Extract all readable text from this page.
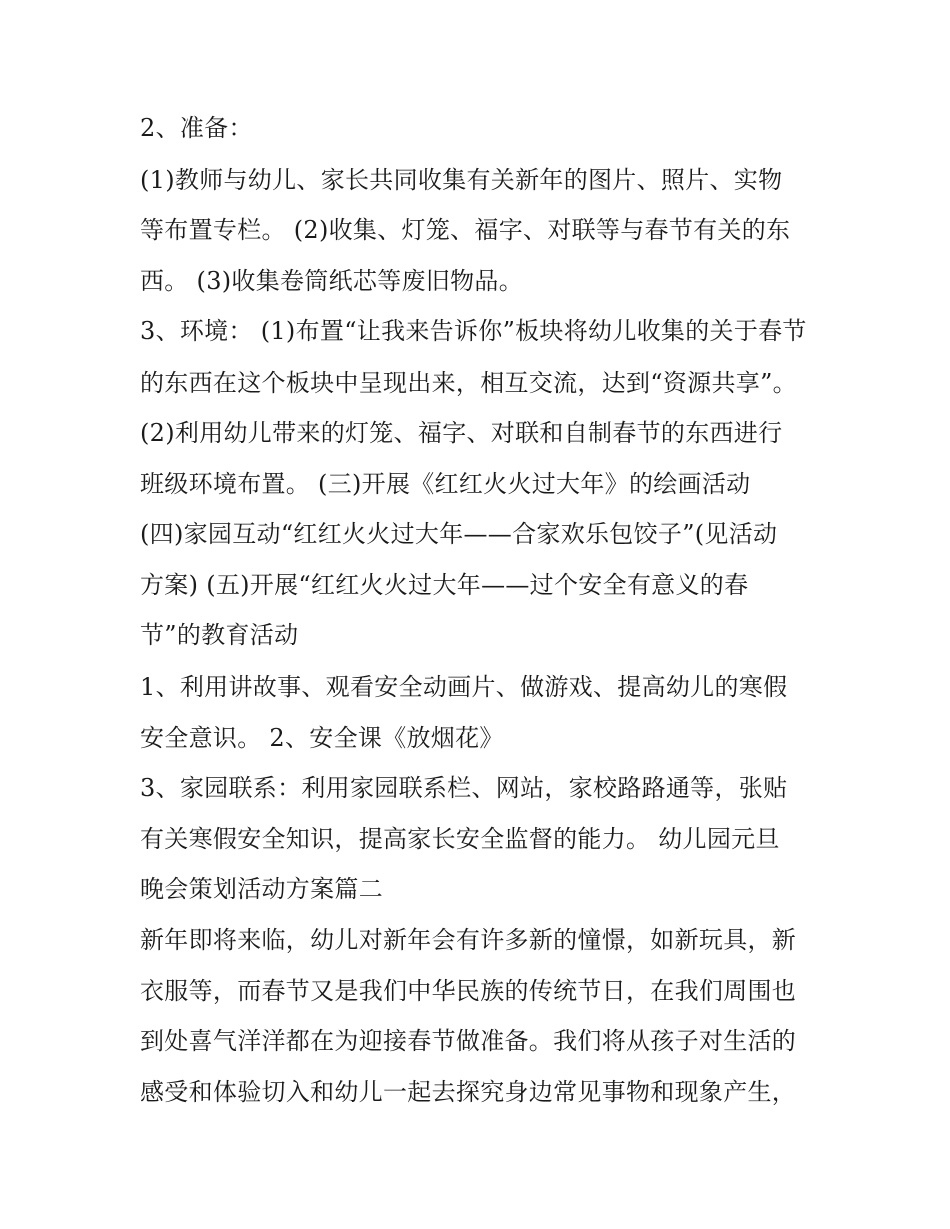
2、准备：
(1)教师与幼儿、家长共同收集有关新年的图片、照片、实物
等布置专栏。 (2)收集、灯笼、福字、对联等与春节有关的东
西。 (3)收集卷筒纸芯等废旧物品。
3、环境： (1)布置“让我来告诉你”板块将幼儿收集的关于春节
的东西在这个板块中呈现出来，相互交流，达到“资源共享”。
(2)利用幼儿带来的灯笼、福字、对联和自制春节的东西进行
班级环境布置。 (三)开展《红红火火过大年》的绘画活动
(四)家园互动“红红火火过大年——合家欢乐包饺子”(见活动
方案) (五)开展“红红火火过大年——过个安全有意义的春
节”的教育活动
1、利用讲故事、观看安全动画片、做游戏、提高幼儿的寒假
安全意识。 2、安全课《放烟花》
3、家园联系：利用家园联系栏、网站，家校路路通等，张贴
有关寒假安全知识，提高家长安全监督的能力。 幼儿园元旦
晚会策划活动方案篇二
新年即将来临，幼儿对新年会有许多新的憧憬，如新玩具，新
衣服等，而春节又是我们中华民族的传统节日，在我们周围也
到处喜气洋洋都在为迎接春节做准备。我们将从孩子对生活的
感受和体验切入和幼儿一起去探究身边常见事物和现象产生，
